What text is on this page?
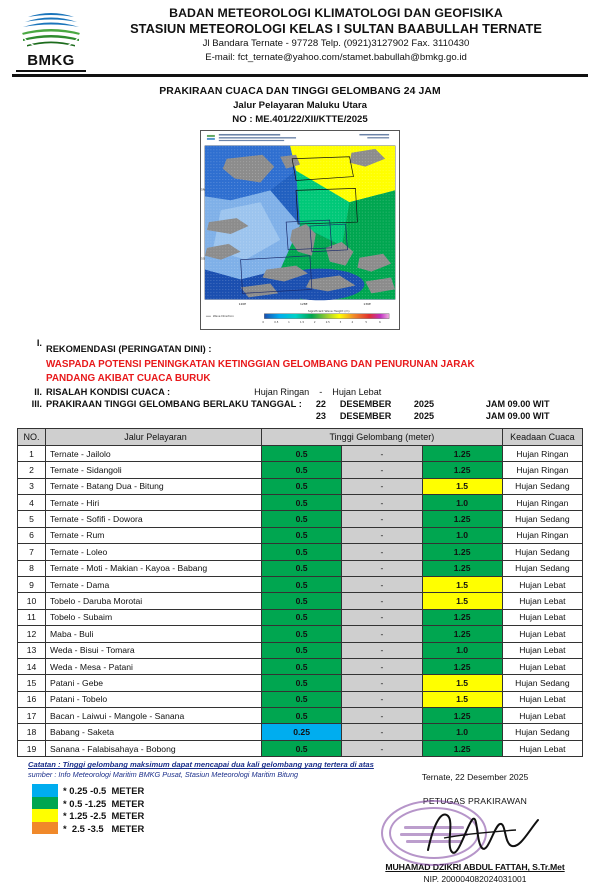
BMKG
BADAN METEOROLOGI KLIMATOLOGI DAN GEOFISIKA
STASIUN METEOROLOGI KELAS I SULTAN BAABULLAH TERNATE
Jl Bandara Ternate - 97728 Telp. (0921)3127902 Fax. 3110430
E-mail: fct_ternate@yahoo.com/stamet.babullah@bmkg.go.id
PRAKIRAAN CUACA DAN TINGGI GELOMBANG 24 JAM
Jalur Pelayaran Maluku Utara
NO : ME.401/22/XII/KTTE/2025
120E	128E	136E
5N
5S
Significant Wave Height (m)
0	0.5	1	1.5	2	2.5	3	4	5	6
Wave Direction
I.
REKOMENDASI (PERINGATAN DINI) :
WASPADA POTENSI PENINGKATAN KETINGGIAN GELOMBANG DAN PENURUNAN JARAK
PANDANG AKIBAT CUACA BURUK
II. RISALAH KONDISI CUACA :	Hujan Ringan - Hujan Lebat
III. PRAKIRAAN TINGGI GELOMBANG BERLAKU TANGGAL : 22	DESEMBER	2025	JAM 09.00 WIT
23	DESEMBER	2025	JAM 09.00 WIT
NO.	Jalur Pelayaran	Tinggi Gelombang (meter)			Keadaan Cuaca
1	Ternate - Jailolo	0.5	-	1.25	Hujan Ringan
2	Ternate - Sidangoli	0.5	-	1.25	Hujan Ringan
3	Ternate - Batang Dua - Bitung	0.5	-	1.5	Hujan Sedang
4	Ternate - Hiri	0.5	-	1.0	Hujan Ringan
5	Ternate - Sofifi - Dowora	0.5	-	1.25	Hujan Sedang
6	Ternate - Rum	0.5	-	1.0	Hujan Ringan
7	Ternate - Loleo	0.5	-	1.25	Hujan Sedang
8	Ternate - Moti - Makian - Kayoa - Babang	0.5	-	1.25	Hujan Sedang
9	Ternate - Dama	0.5	-	1.5	Hujan Lebat
10	Tobelo - Daruba Morotai	0.5	-	1.5	Hujan Lebat
11	Tobelo - Subaim	0.5	-	1.25	Hujan Lebat
12	Maba - Buli	0.5	-	1.25	Hujan Lebat
13	Weda - Bisui - Tomara	0.5	-	1.0	Hujan Lebat
14	Weda - Mesa - Patani	0.5	-	1.25	Hujan Lebat
15	Patani - Gebe	0.5	-	1.5	Hujan Sedang
16	Patani - Tobelo	0.5	-	1.5	Hujan Lebat
17	Bacan - Laiwui - Mangole - Sanana	0.5	-	1.25	Hujan Lebat
18	Babang - Saketa	0.25	-	1.0	Hujan Sedang
19	Sanana - Falabisahaya - Bobong	0.5	-	1.25	Hujan Lebat
Catatan : Tinggi gelombang maksimum dapat mencapai dua kali gelombang yang tertera di atas
sumber : Info Meteorologi Maritim BMKG Pusat, Stasiun Meteorologi Maritim Bitung
* 0.25 -0.5  METER
* 0.5 -1.25  METER
* 1.25 -2.5  METER
*  2.5 -3.5   METER
Ternate, 22 Desember 2025
PETUGAS PRAKIRAWAN
MUHAMAD DZIKRI ABDUL FATTAH, S.Tr.Met
NIP. 200004082024031001
